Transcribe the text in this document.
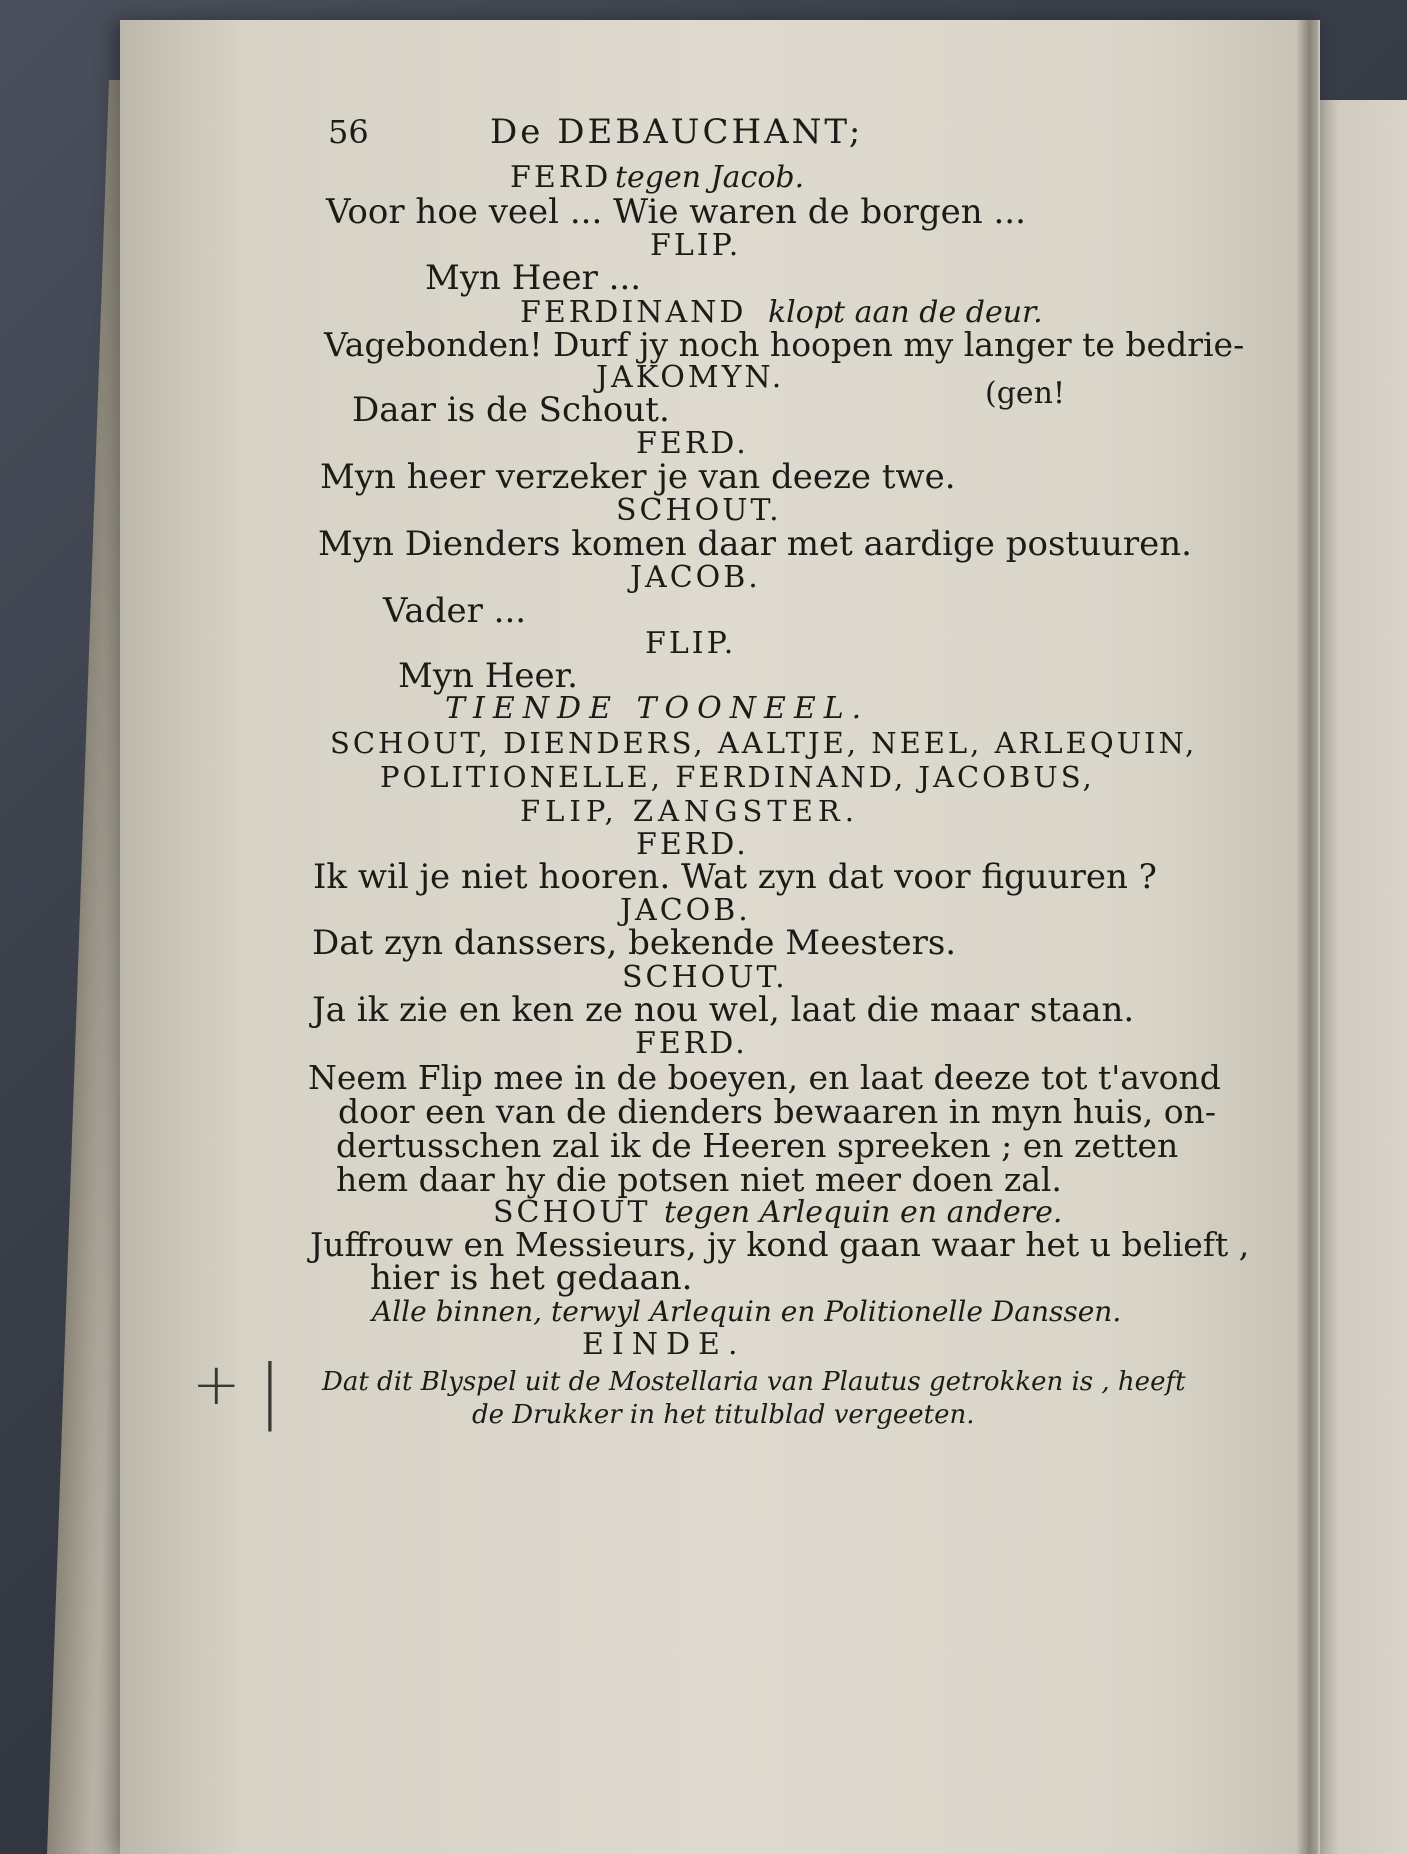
56	De DEBAUCHANT;
FERD tegen Jacob.
Voor hoe veel ... Wie waren de borgen ...
FLIP.
Myn Heer ...
FERDINAND klopt aan de deur.
Vagebonden! Durf jy noch hoopen my langer te bedrie-
JAKOMYN.	(gen!
Daar is de Schout.
FERD.
Myn heer verzeker je van deeze twe.
SCHOUT.
Myn Dienders komen daar met aardige postuuren.
JACOB.
Vader ...
FLIP.
Myn Heer.
TIENDE TOONEEL.
SCHOUT, DIENDERS, AALTJE, NEEL, ARLEQUIN,
POLITIONELLE, FERDINAND, JACOBUS,
FLIP, ZANGSTER.
FERD.
Ik wil je niet hooren. Wat zyn dat voor figuuren ?
JACOB.
Dat zyn danssers, bekende Meesters.
SCHOUT.
Ja ik zie en ken ze nou wel, laat die maar staan.
FERD.
Neem Flip mee in de boeyen, en laat deeze tot t'avond
door een van de dienders bewaaren in myn huis, on-
dertusschen zal ik de Heeren spreeken ; en zetten
hem daar hy die potsen niet meer doen zal.
SCHOUT tegen Arlequin en andere.
Juffrouw en Messieurs, jy kond gaan waar het u belieft ,
hier is het gedaan.
Alle binnen, terwyl Arlequin en Politionelle Danssen.
EINDE.
Dat dit Blyspel uit de Mostellaria van Plautus getrokken is , heeft
de Drukker in het titulblad vergeeten.
+ |
